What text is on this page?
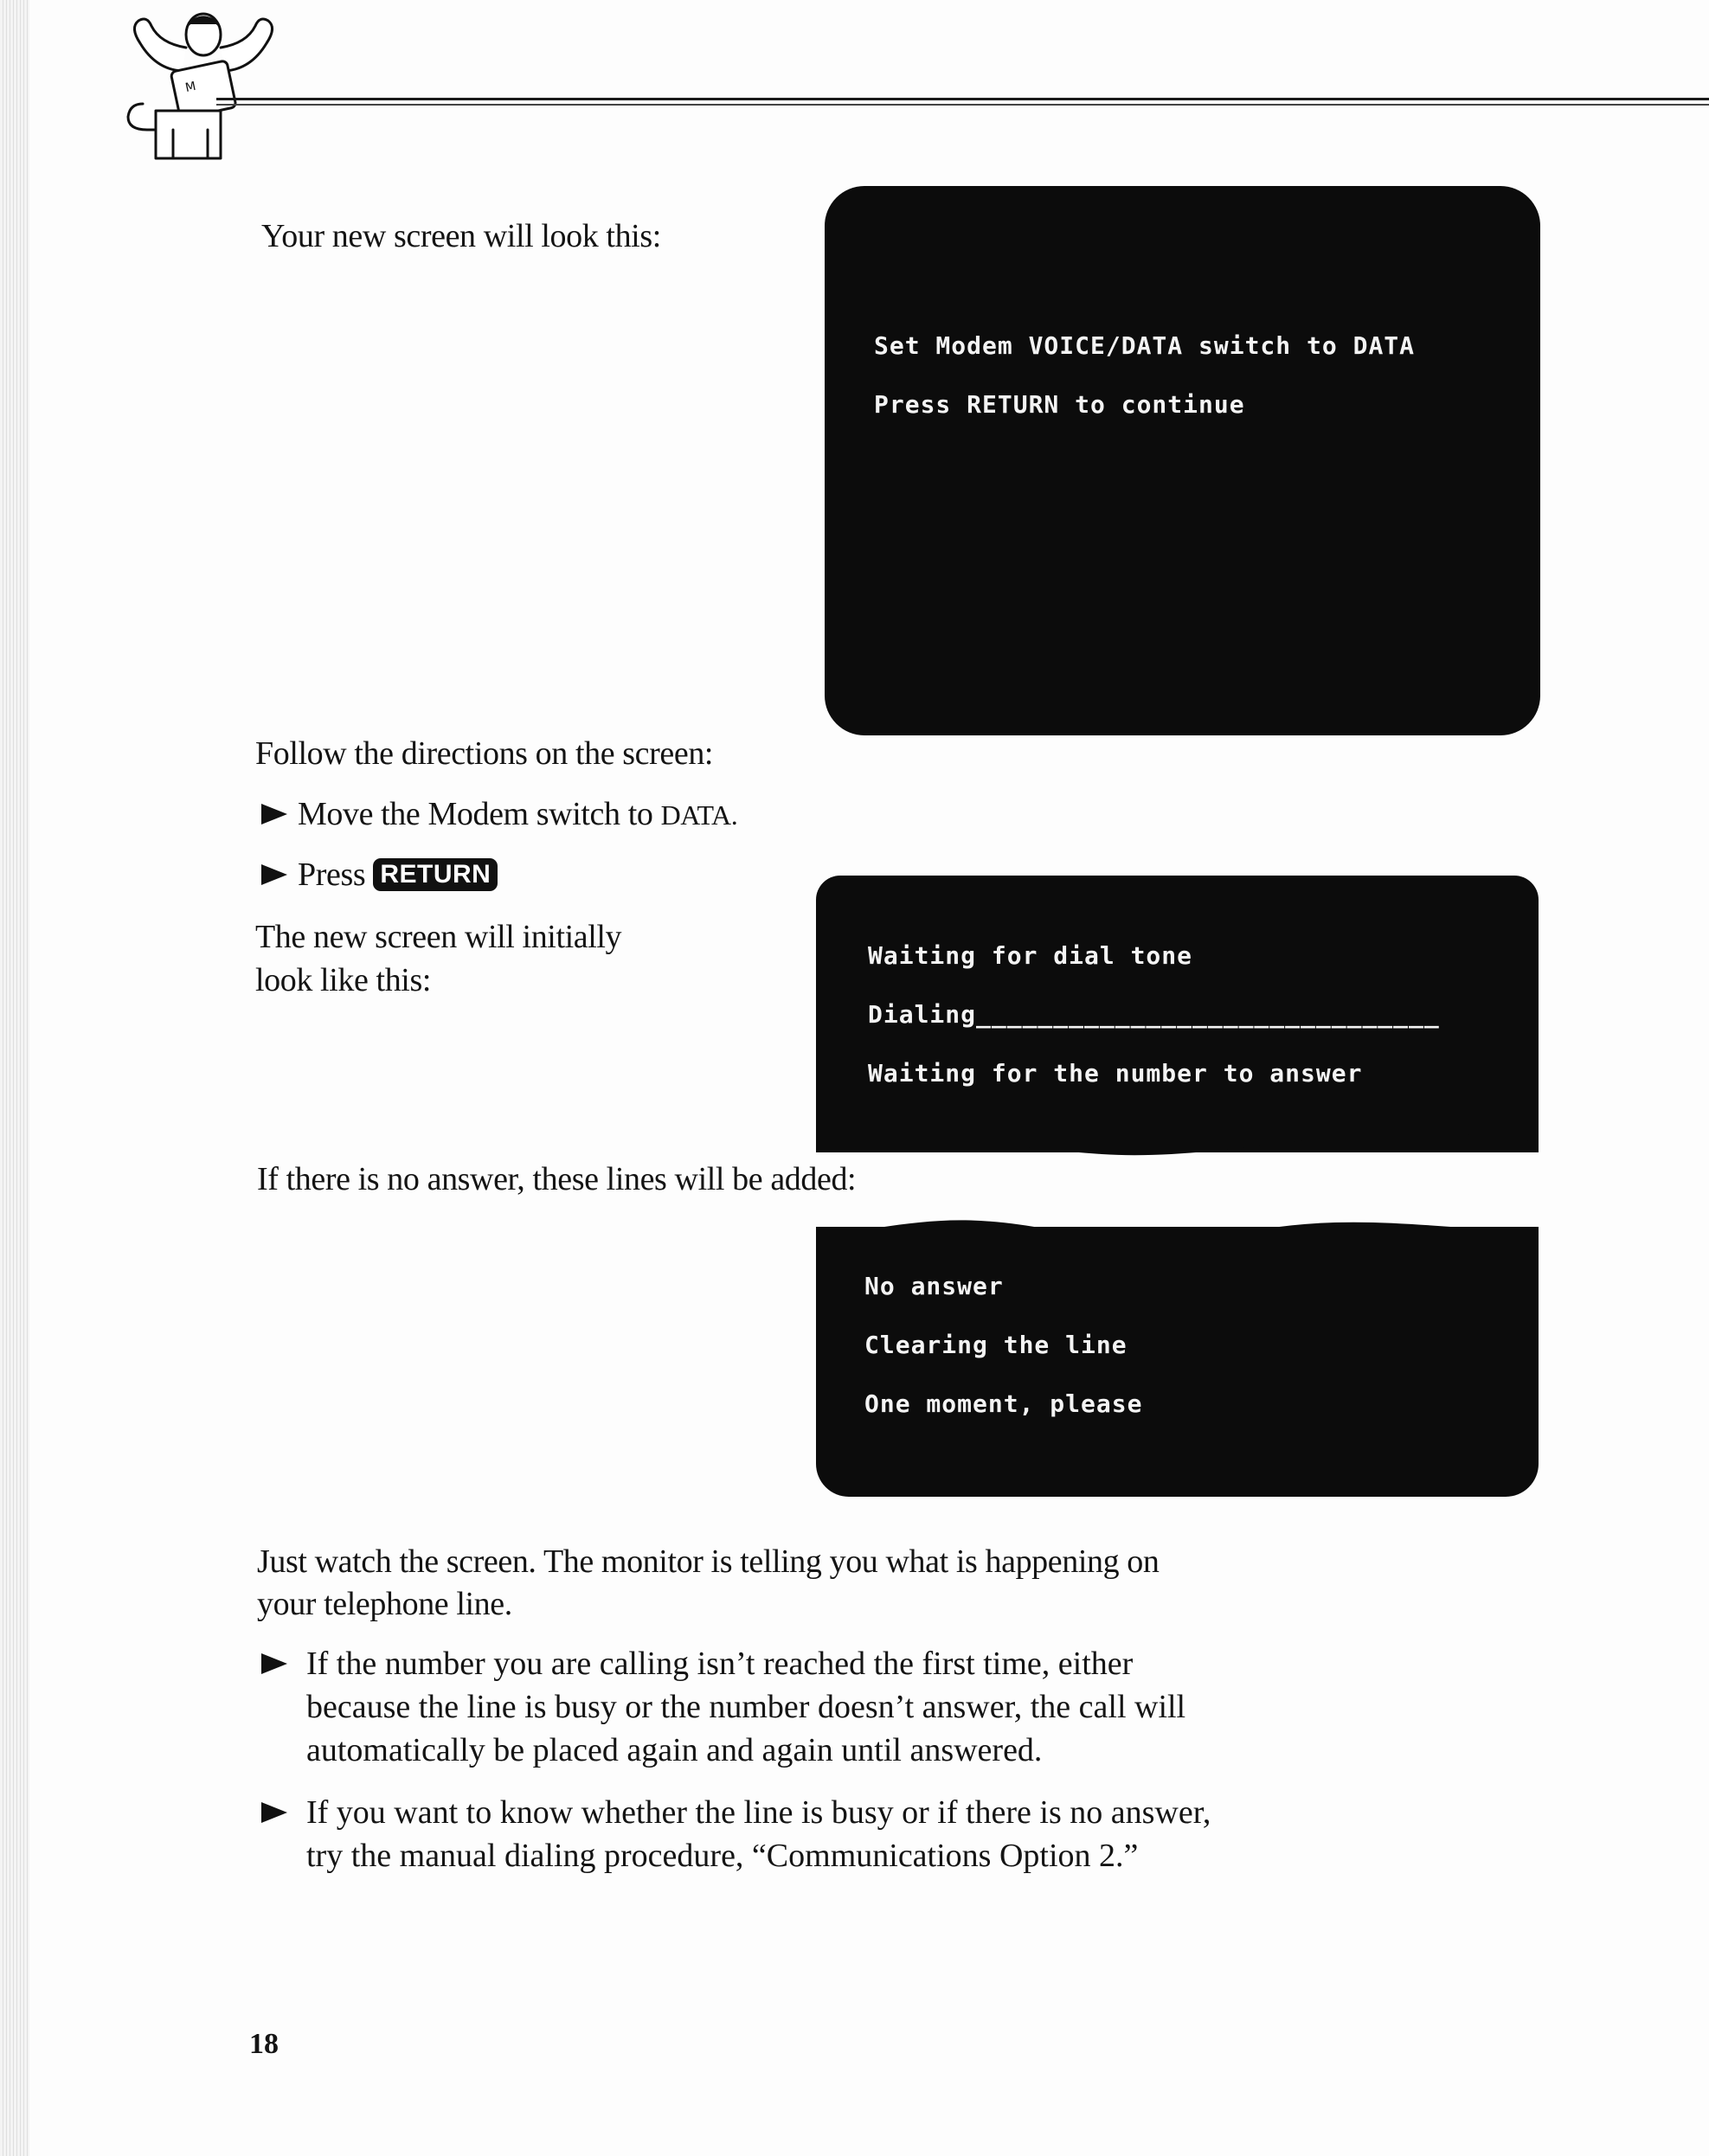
M
Your new screen will look this:
Set Modem VOICE/DATA switch to DATA
Press RETURN to continue
Follow the directions on the screen:
Move the Modem switch to DATA.
Press RETURN
The new screen will initially
look like this:
Waiting for dial tone
Dialing______________________________
Waiting for the number to answer
If there is no answer, these lines will be added:
No answer
Clearing the line
One moment, please
Just watch the screen. The monitor is telling you what is happening on
your telephone line.
If the number you are calling isn’t reached the first time, either
because the line is busy or the number doesn’t answer, the call will
automatically be placed again and again until answered.
If you want to know whether the line is busy or if there is no answer,
try the manual dialing procedure, “Communications Option 2.”
18
